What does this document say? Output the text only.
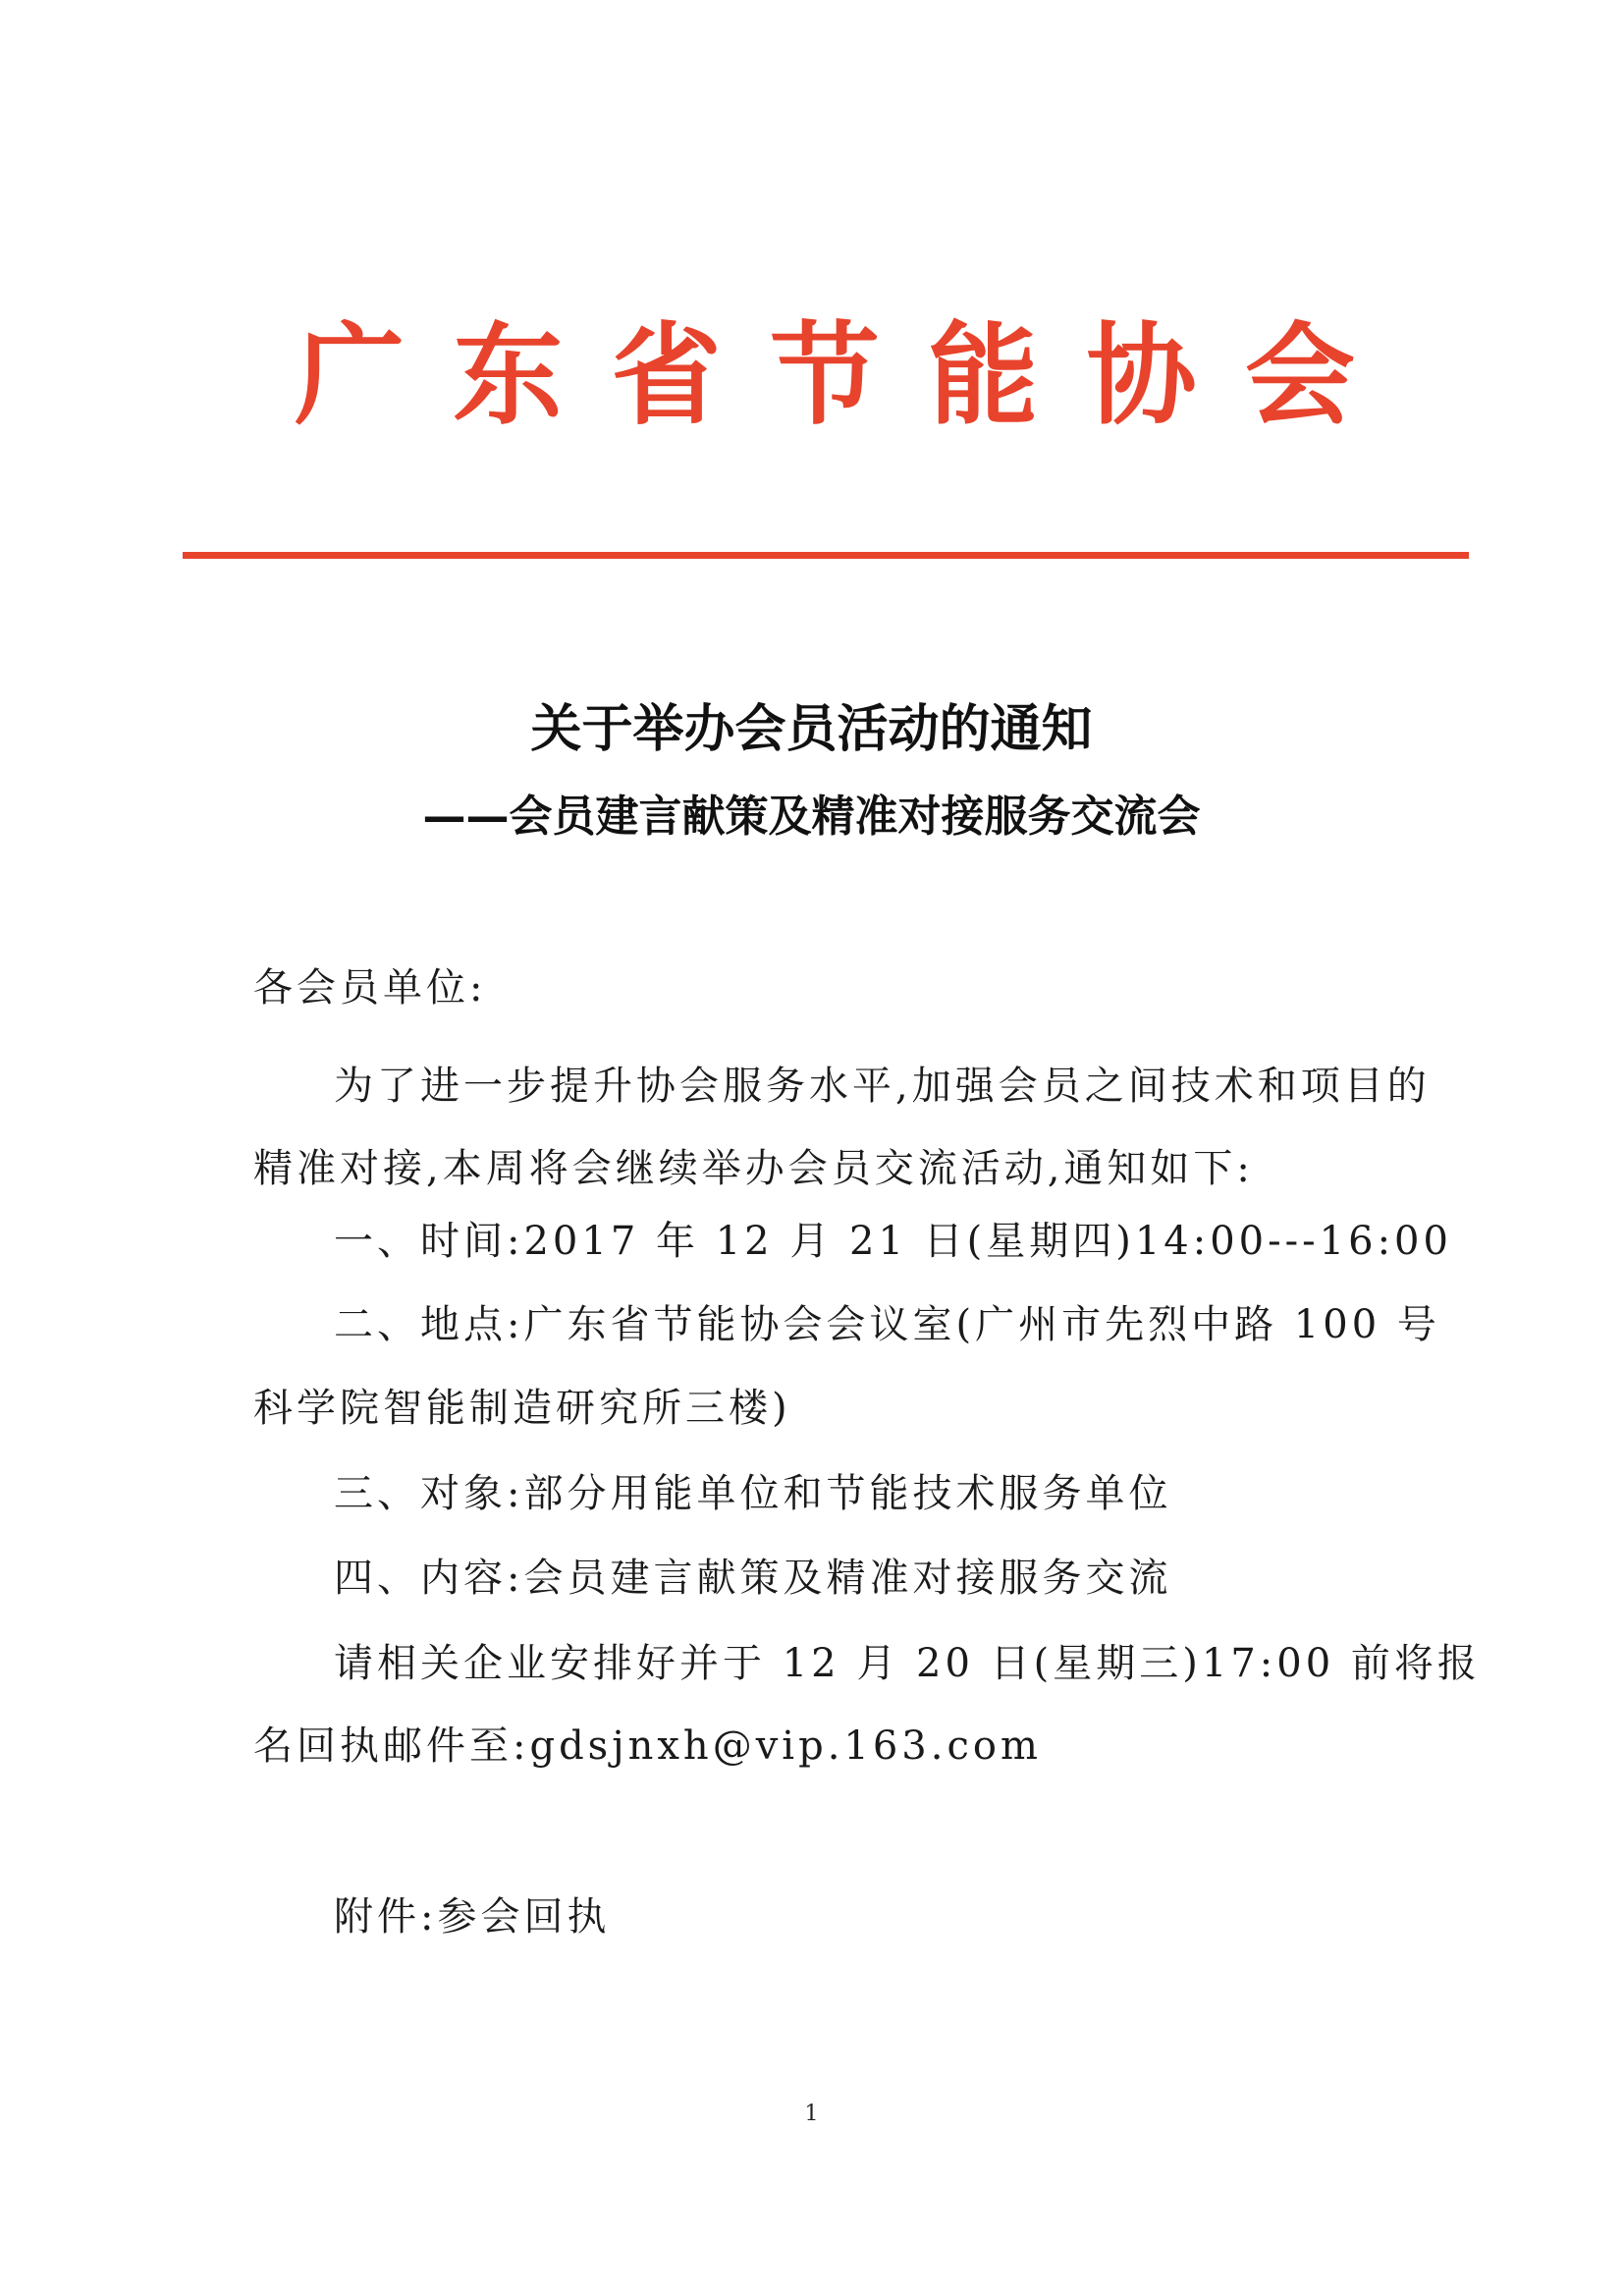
广 东 省 节 能 协 会
关于举办会员活动的通知
——会员建言献策及精准对接服务交流会
各会员单位:
为了进一步提升协会服务水平,加强会员之间技术和项目的
精准对接,本周将会继续举办会员交流活动,通知如下:
一、时间:2017 年 12 月 21 日(星期四)14:00---16:00
二、地点:广东省节能协会会议室(广州市先烈中路 100 号
科学院智能制造研究所三楼)
三、对象:部分用能单位和节能技术服务单位
四、内容:会员建言献策及精准对接服务交流
请相关企业安排好并于 12 月 20 日(星期三)17:00 前将报
名回执邮件至:gdsjnxh@vip.163.com
附件:参会回执
1
